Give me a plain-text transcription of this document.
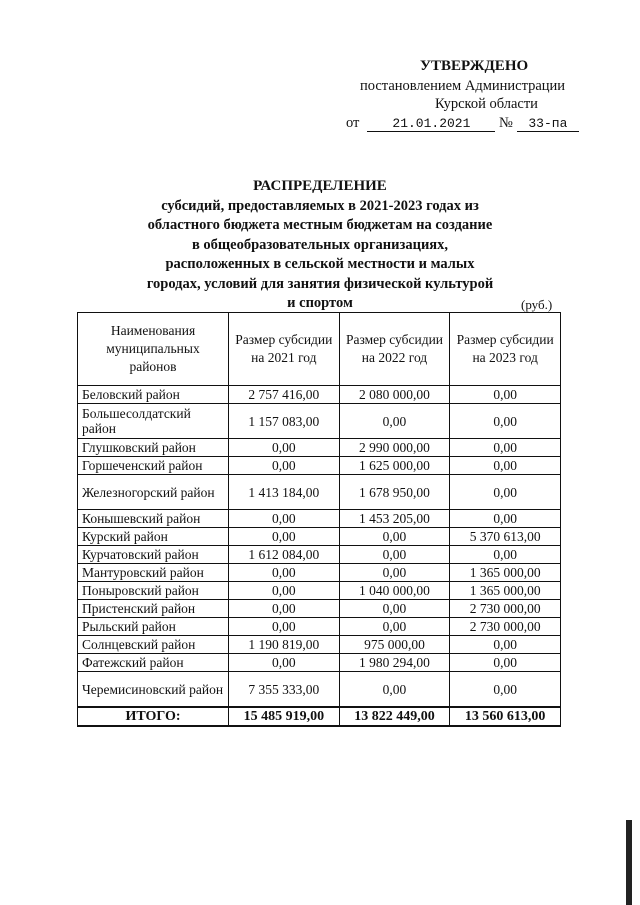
УТВЕРЖДЕНО
постановлением Администрации
Курской области
от	21.01.2021 № 33-па
РАСПРЕДЕЛЕНИЕ
субсидий, предоставляемых в 2021-2023 годах из
областного бюджета местным бюджетам на создание
в общеобразовательных организациях,
расположенных в сельской местности и малых
городах, условий для занятия физической культурой
и спортом	(руб.)
Наименования муниципальных районов	Размер субсидии на 2021 год	Размер субсидии на 2022 год	Размер субсидии на 2023 год
Беловский район	2 757 416,00	2 080 000,00	0,00
Большесолдатский район	1 157 083,00	0,00	0,00
Глушковский район	0,00	2 990 000,00	0,00
Горшеченский район	0,00	1 625 000,00	0,00
Железногорский район	1 413 184,00	1 678 950,00	0,00
Конышевский район	0,00	1 453 205,00	0,00
Курский район	0,00	0,00	5 370 613,00
Курчатовский район	1 612 084,00	0,00	0,00
Мантуровский район	0,00	0,00	1 365 000,00
Поныровский район	0,00	1 040 000,00	1 365 000,00
Пристенский район	0,00	0,00	2 730 000,00
Рыльский район	0,00	0,00	2 730 000,00
Солнцевский район	1 190 819,00	975 000,00	0,00
Фатежский район	0,00	1 980 294,00	0,00
Черемисиновский район	7 355 333,00	0,00	0,00
ИТОГО:	15 485 919,00	13 822 449,00	13 560 613,00
